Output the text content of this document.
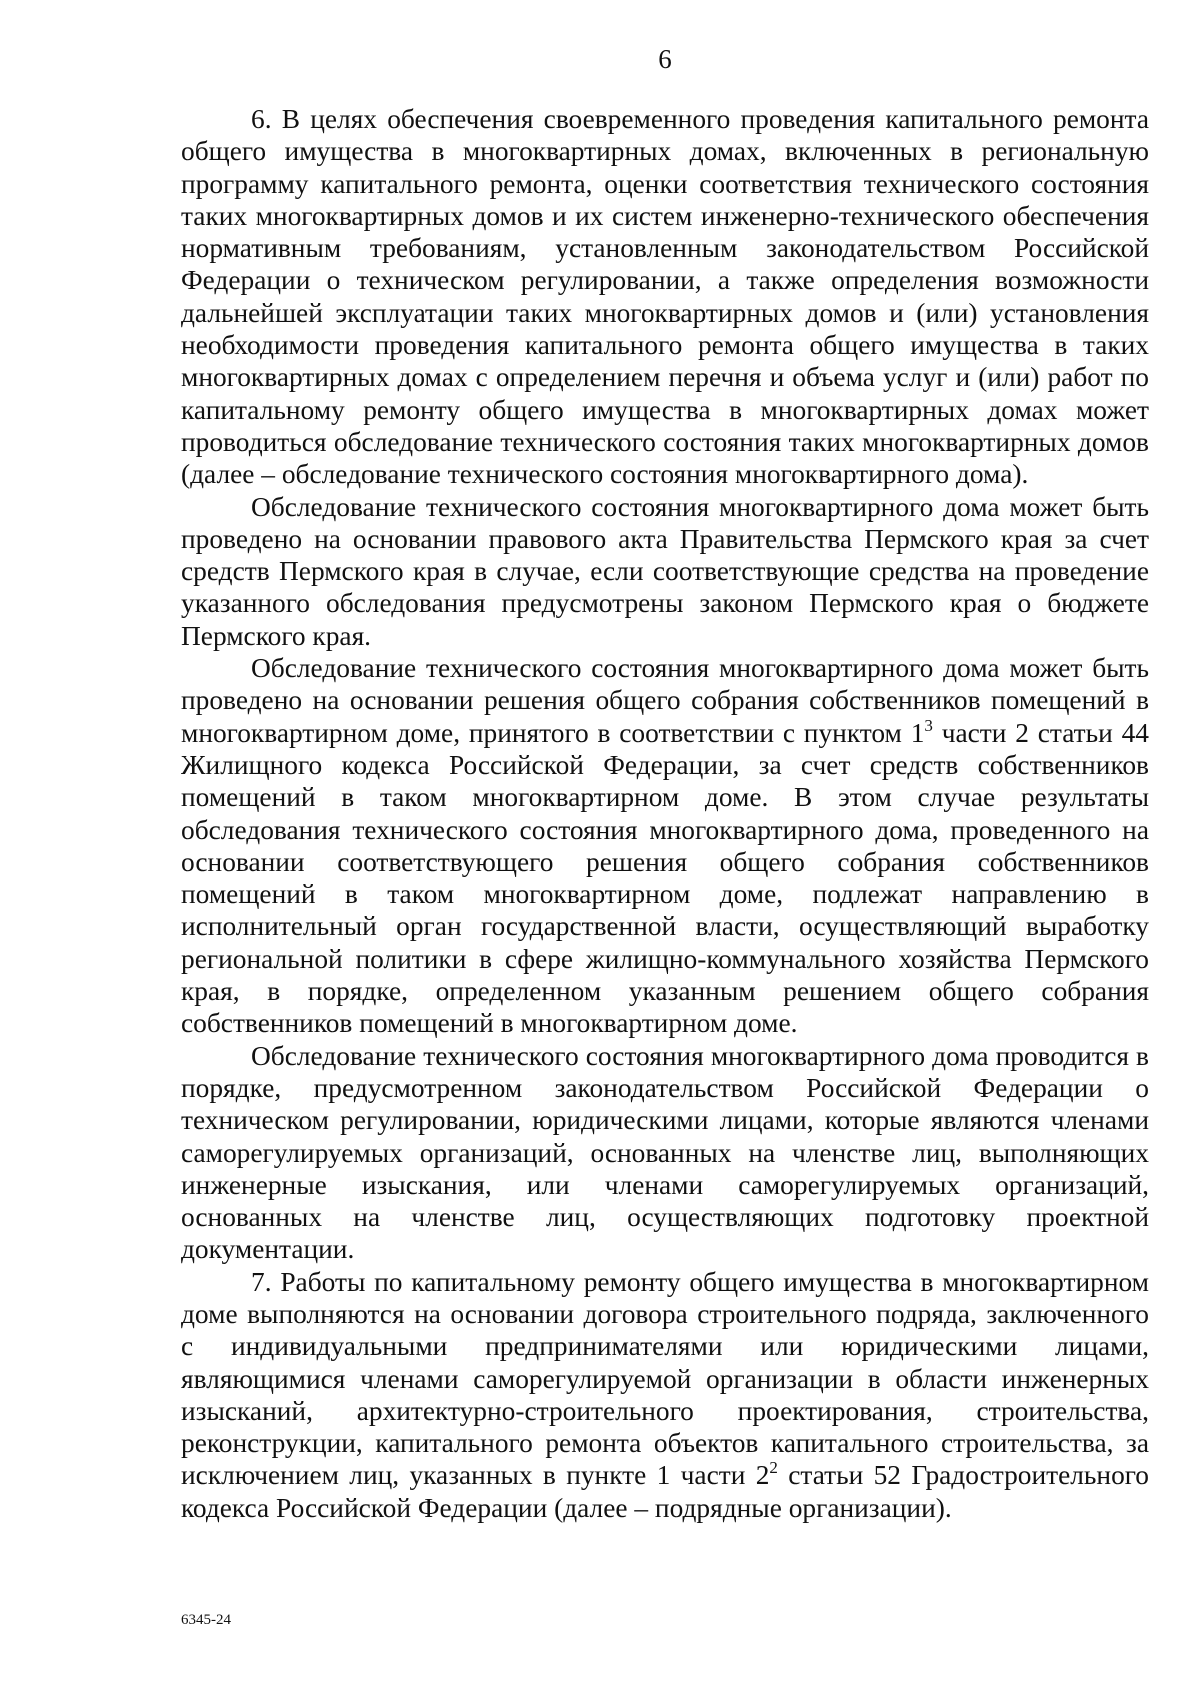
6

6. В целях обеспечения своевременного проведения капитального ремонта общего имущества в многоквартирных домах, включенных в региональную программу капитального ремонта, оценки соответствия технического состояния таких многоквартирных домов и их систем инженерно-технического обеспечения нормативным требованиям, установленным законодательством Российской Федерации о техническом регулировании, а также определения возможности дальнейшей эксплуатации таких многоквартирных домов и (или) установления необходимости проведения капитального ремонта общего имущества в таких многоквартирных домах с определением перечня и объема услуг и (или) работ по капитальному ремонту общего имущества в многоквартирных домах может проводиться обследование технического состояния таких многоквартирных домов (далее – обследование технического состояния многоквартирного дома).

Обследование технического состояния многоквартирного дома может быть проведено на основании правового акта Правительства Пермского края за счет средств Пермского края в случае, если соответствующие средства на проведение указанного обследования предусмотрены законом Пермского края о бюджете Пермского края.

Обследование технического состояния многоквартирного дома может быть проведено на основании решения общего собрания собственников помещений в многоквартирном доме, принятого в соответствии с пунктом $1^3$ части 2 статьи 44 Жилищного кодекса Российской Федерации, за счет средств собственников помещений в таком многоквартирном доме. В этом случае результаты обследования технического состояния многоквартирного дома, проведенного на основании соответствующего решения общего собрания собственников помещений в таком многоквартирном доме, подлежат направлению в исполнительный орган государственной власти, осуществляющий выработку региональной политики в сфере жилищно-коммунального хозяйства Пермского края, в порядке, определенном указанным решением общего собрания собственников помещений в многоквартирном доме.

Обследование технического состояния многоквартирного дома проводится в порядке, предусмотренном законодательством Российской Федерации о техническом регулировании, юридическими лицами, которые являются членами саморегулируемых организаций, основанных на членстве лиц, выполняющих инженерные изыскания, или членами саморегулируемых организаций, основанных на членстве лиц, осуществляющих подготовку проектной документации.

7. Работы по капитальному ремонту общего имущества в многоквартирном доме выполняются на основании договора строительного подряда, заключенного с индивидуальными предпринимателями или юридическими лицами, являющимися членами саморегулируемой организации в области инженерных изысканий, архитектурно-строительного проектирования, строительства, реконструкции, капитального ремонта объектов капитального строительства, за исключением лиц, указанных в пункте 1 части $2^2$ статьи 52 Градостроительного кодекса Российской Федерации (далее – подрядные организации).

6345-24
